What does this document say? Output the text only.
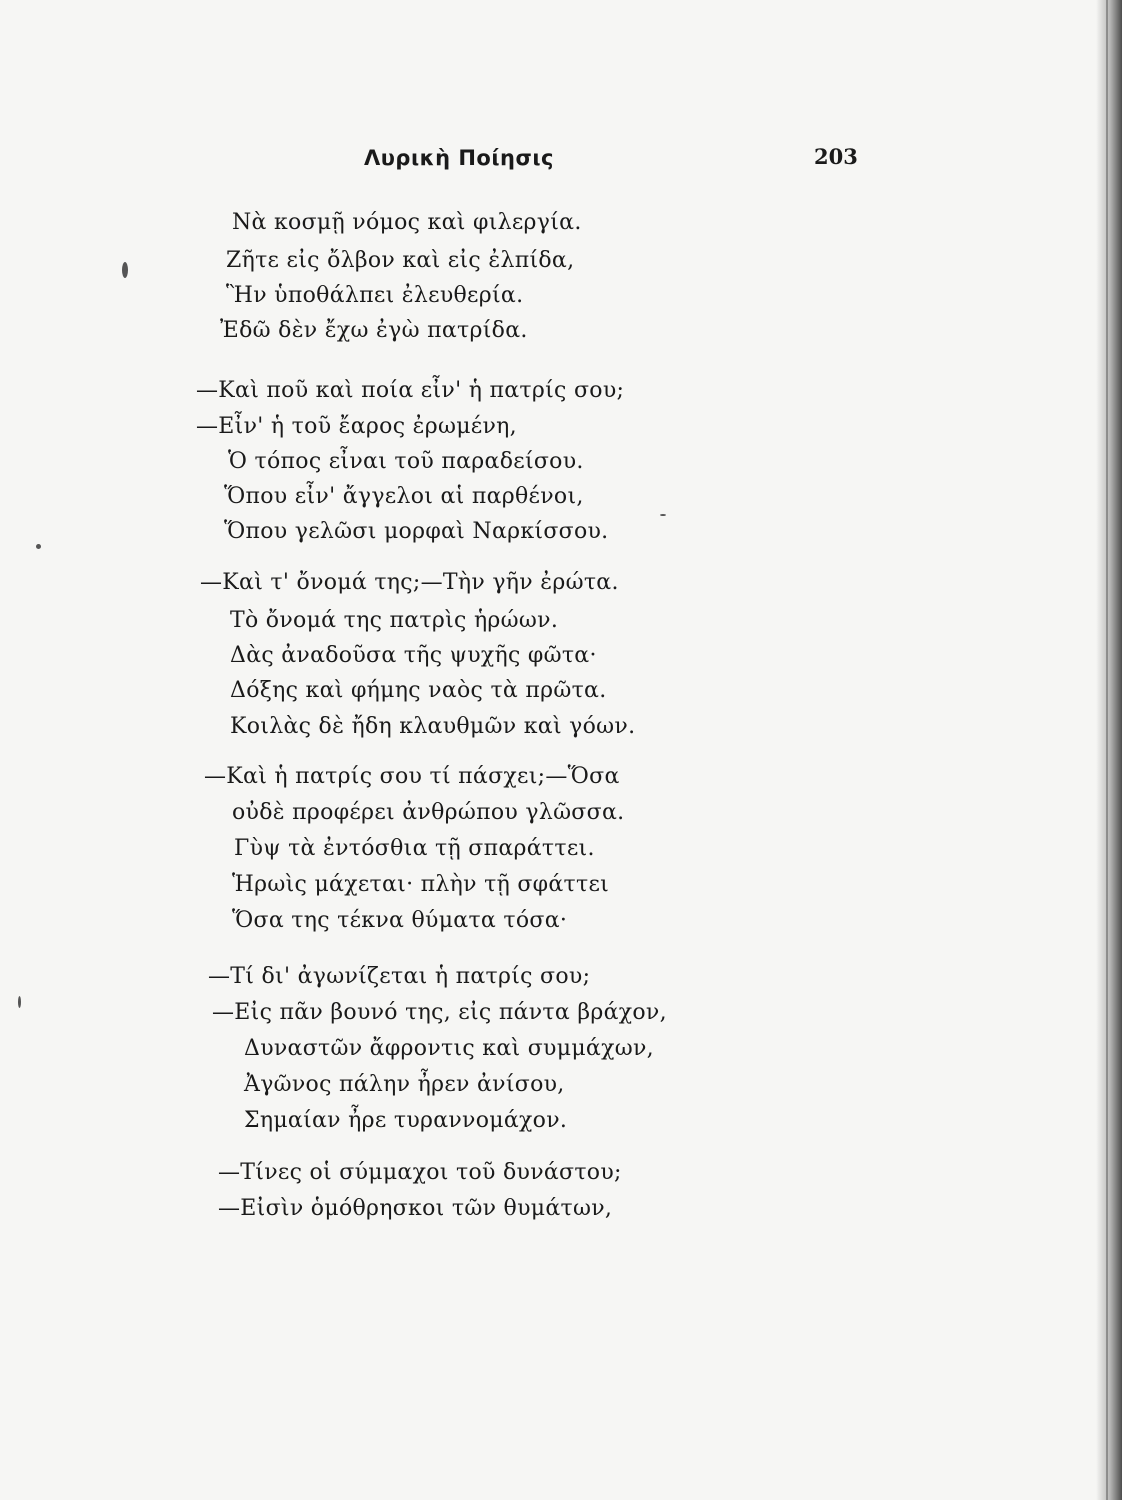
Λυρικὴ Ποίησις	203
Νὰ κοσμῇ νόμος καὶ φιλεργία.
Ζῆτε εἰς ὄλβον καὶ εἰς ἐλπίδα,
Ἣν ὑποθάλπει ἐλευθερία.
Ἐδῶ δὲν ἔχω ἐγὼ πατρίδα.
—Καὶ ποῦ καὶ ποία εἶν' ἡ πατρίς σου;
—Εἶν' ἡ τοῦ ἔαρος ἐρωμένη,
Ὁ τόπος εἶναι τοῦ παραδείσου.
Ὅπου εἶν' ἄγγελοι αἱ παρθένοι,
Ὅπου γελῶσι μορφαὶ Ναρκίσσου.
—Καὶ τ' ὄνομά της;—Τὴν γῆν ἐρώτα.
Τὸ ὄνομά της πατρὶς ἡρώων.
Δὰς ἀναδοῦσα τῆς ψυχῆς φῶτα·
Δόξης καὶ φήμης ναὸς τὰ πρῶτα.
Κοιλὰς δὲ ἤδη κλαυθμῶν καὶ γόων.
—Καὶ ἡ πατρίς σου τί πάσχει;—Ὅσα
οὐδὲ προφέρει ἀνθρώπου γλῶσσα.
Γὺψ τὰ ἐντόσθια τῇ σπαράττει.
Ἡρωὶς μάχεται· πλὴν τῇ σφάττει
Ὅσα της τέκνα θύματα τόσα·
—Τί δι' ἀγωνίζεται ἡ πατρίς σου;
—Εἰς πᾶν βουνό της, εἰς πάντα βράχον,
Δυναστῶν ἄφροντις καὶ συμμάχων,
Ἀγῶνος πάλην ἦρεν ἀνίσου,
Σημαίαν ἦρε τυραννομάχον.
—Τίνες οἱ σύμμαχοι τοῦ δυνάστου;
—Εἰσὶν ὁμόθρησκοι τῶν θυμάτων,
